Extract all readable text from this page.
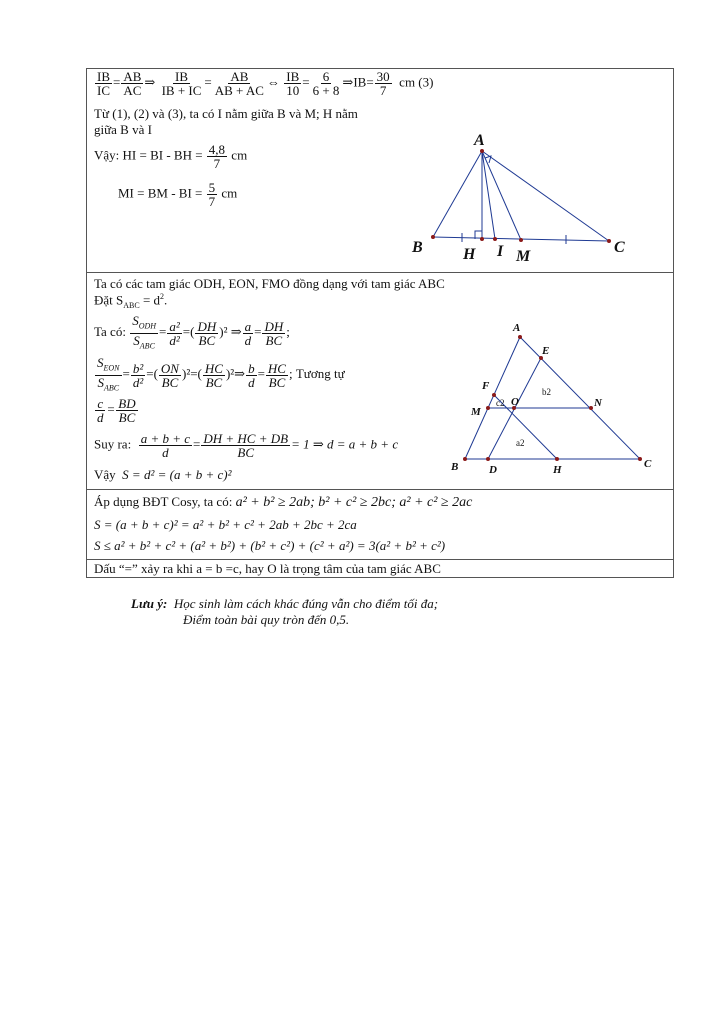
$\frac{IB}{IC} = \frac{AB}{AC}$ ⇒ $\frac{IB}{IB + IC} = \frac{AB}{AB + AC}$ ⇔ $\frac{IB}{10} = \frac{6}{6 + 8}$ ⇒IB= $\frac{30}{7}$ cm (3)
Từ (1), (2) và (3), ta có I nằm giữa B và M; H nằm
giữa B và I
Vậy: HI = BI - BH = $\frac{4,8}{7}$ cm
MI = BM - BI = $\frac{5}{7}$ cm
A
B	C
H I M
Ta có các tam giác ODH, EON, FMO đồng dạng với tam giác ABC
Đặt $S_{ABC} = d^2$.
Ta có: $\frac{S_{ODH}}{S_{ABC}} = \frac{\text{a²}}{\text{d²}}$ =( $\frac{DH}{BC} )^2$ ⇒ $\frac{a}{d} = \frac{DH}{BC}$ ;
$\frac{S_{EON}}{S_{ABC}} = \frac{\text{b²}}{\text{d²}}$ =( $\frac{ON}{BC} )^2=( \frac{HC}{BC}$ )²⇒ $\frac{b}{d} = \frac{HC}{BC}$ ; Tương tự
$\frac{c}{d} = \frac{BD}{BC}$
Suy ra: $\frac{a + b + c}{d} = \frac{DH + HC + DB}{BC} = 1$ ⇒ d = a + b + c
Vậy S = d² = (a + b + c)²
A
B	C
D
E
F
H
M
N
O
a2
b2
c2
Áp dụng BĐT Cosy, ta có: a² + b² ≥ 2ab; b² + c² ≥ 2bc; a² + c² ≥ 2ac
S = (a + b + c)² = a² + b² + c² + 2ab + 2bc + 2ca
S ≤ a² + b² + c² + (a² + b²) + (b² + c²) + (c² + a²) = 3(a² + b² + c²)
Dấu “=” xảy ra khi a = b =c, hay O là trọng tâm của tam giác ABC
Lưu ý: Học sinh làm cách khác đúng vẫn cho điểm tối đa;
Điểm toàn bài quy tròn đến 0,5.
